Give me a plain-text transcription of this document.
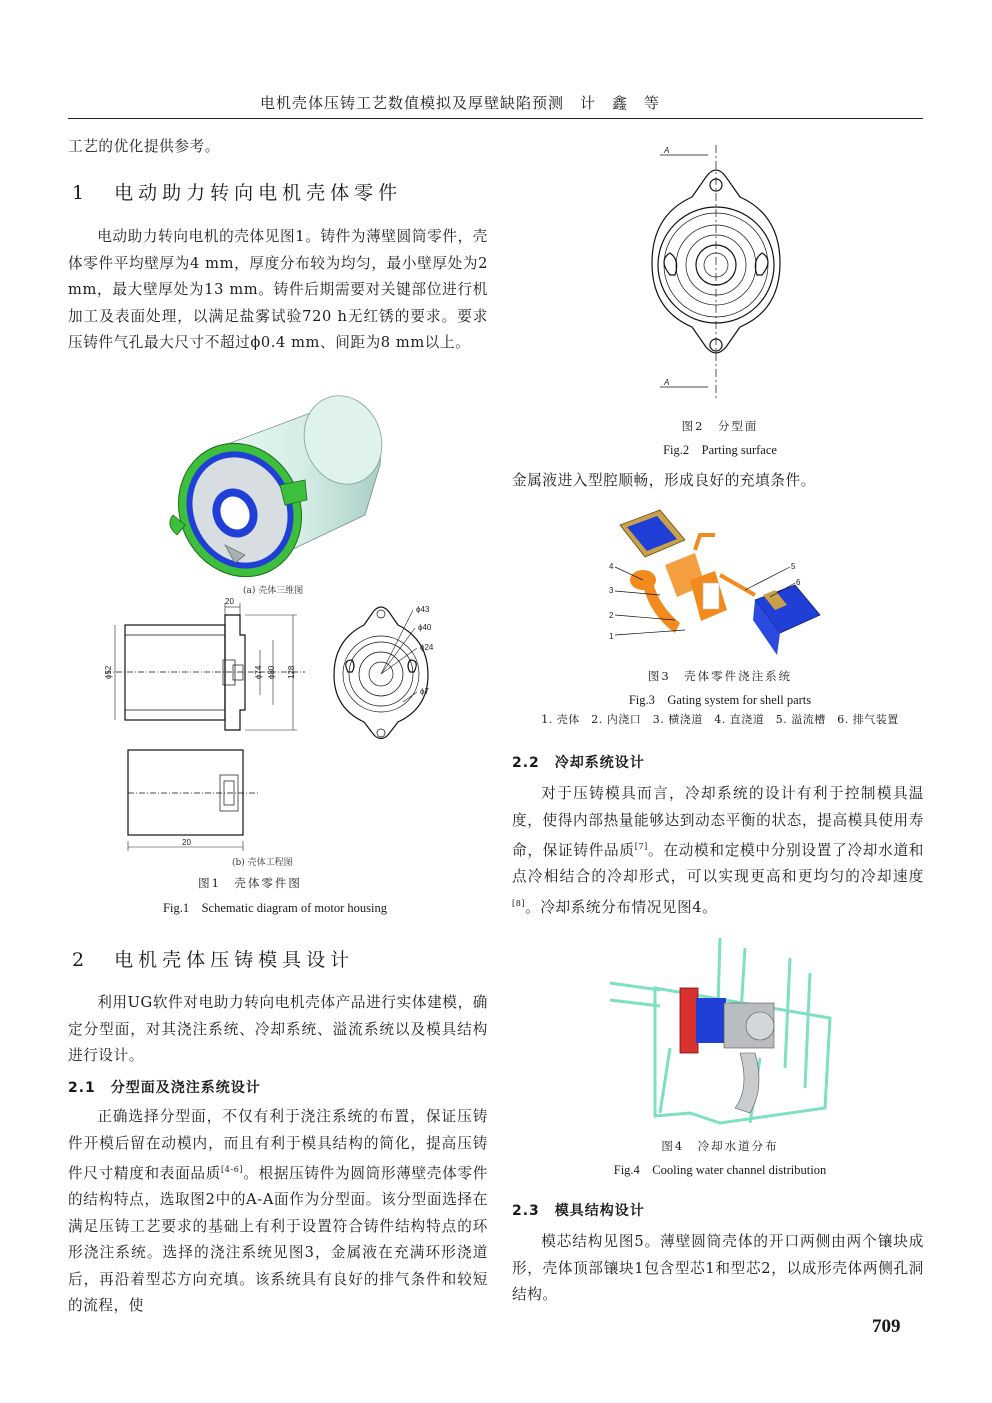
电机壳体压铸工艺数值模拟及厚壁缺陷预测　计　鑫　等
工艺的优化提供参考。
1 电动助力转向电机壳体零件
电动助力转向电机的壳体见图1。铸件为薄壁圆筒零件，壳体零件平均壁厚为4 mm，厚度分布较为均匀，最小壁厚处为2 mm，最大壁厚处为13 mm。铸件后期需要对关键部位进行机加工及表面处理，以满足盐雾试验720 h无红锈的要求。要求压铸件气孔最大尺寸不超过ϕ0.4 mm、间距为8 mm以上。
(a) 壳体三维图
20
ϕ52	ϕ74 ϕ80 128
ϕ43
ϕ40
ϕ24
ϕ7
20
(b) 壳体工程图
图1　壳体零件图
Fig.1　Schematic diagram of motor housing
2 电机壳体压铸模具设计
利用UG软件对电助力转向电机壳体产品进行实体建模，确定分型面，对其浇注系统、冷却系统、溢流系统以及模具结构进行设计。
2.1　分型面及浇注系统设计
正确选择分型面，不仅有利于浇注系统的布置，保证压铸件开模后留在动模内，而且有利于模具结构的简化，提高压铸件尺寸精度和表面品质[4-6]。根据压铸件为圆筒形薄壁壳体零件的结构特点，选取图2中的A-A面作为分型面。该分型面选择在满足压铸工艺要求的基础上有利于设置符合铸件结构特点的环形浇注系统。选择的浇注系统见图3，金属液在充满环形浇道后，再沿着型芯方向充填。该系统具有良好的排气条件和较短的流程，使
A
A
图2　分型面
Fig.2　Parting surface
金属液进入型腔顺畅，形成良好的充填条件。
4
3
2
1
5
6
图3　壳体零件浇注系统
Fig.3　Gating system for shell parts
1. 壳体　2. 内浇口　3. 横浇道　4. 直浇道　5. 溢流槽　6. 排气装置
2.2　冷却系统设计
对于压铸模具而言，冷却系统的设计有利于控制模具温度，使得内部热量能够达到动态平衡的状态，提高模具使用寿命，保证铸件品质[7]。在动模和定模中分别设置了冷却水道和点冷相结合的冷却形式，可以实现更高和更均匀的冷却速度[8]。冷却系统分布情况见图4。
图4　冷却水道分布
Fig.4　Cooling water channel distribution
2.3　模具结构设计
模芯结构见图5。薄壁圆筒壳体的开口两侧由两个镶块成形，壳体顶部镶块1包含型芯1和型芯2，以成形壳体两侧孔洞结构。
709
